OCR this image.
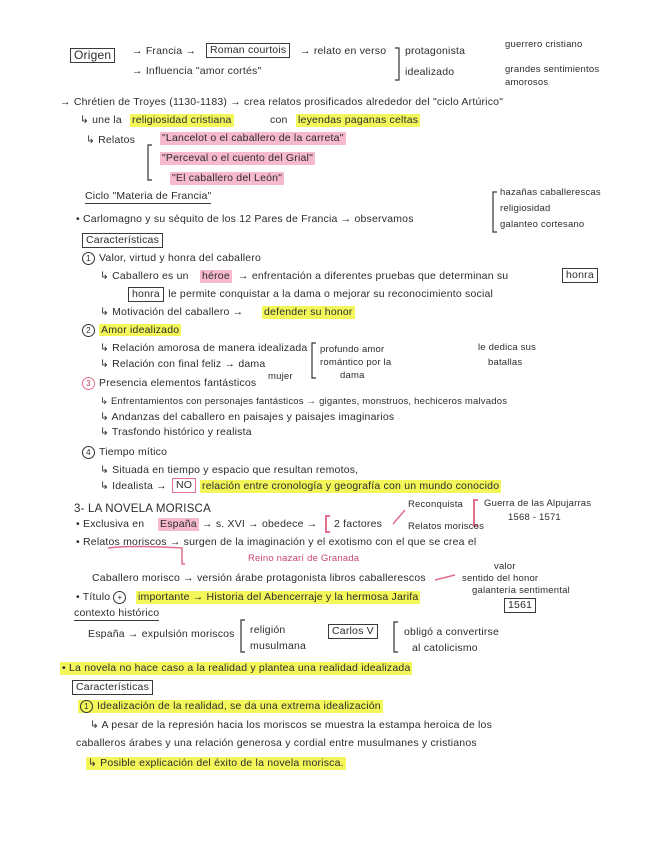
Origen	→ Francia →	Roman courtois	→ relato en verso protagonista
guerrero cristiano
→ Influencia "amor cortés"	idealizado	grandes sentimientos amorosos
→ Chrétien de Troyes (1130-1183) → crea relatos prosificados alrededor del "ciclo Artúrico"
↳ une la religiosidad cristiana	con leyendas paganas celtas
↳ Relatos	"Lancelot o el caballero de la carreta"
"Perceval o el cuento del Grial"
"El caballero del León"
Ciclo "Materia de Francia"	hazañas caballerescas
religiosidad
galanteo cortesano
• Carlomagno y su séquito de los 12 Pares de Francia → observamos
Características
1 Valor, virtud y honra del caballero
↳ Caballero es un héroe → enfrentación a diferentes pruebas que determinan su	honra
honra , le permite conquistar a la dama o mejorar su reconocimiento social
↳ Motivación del caballero → defender su honor
2 Amor idealizado
↳ Relación amorosa de manera idealizada
↳ Relación con final feliz → dama
mujer
profundo amor
romántico por la
dama
le dedica sus
batallas
3 Presencia elementos fantásticos
↳ Enfrentamientos con personajes fantásticos → gigantes, monstruos, hechiceros malvados
↳ Andanzas del caballero en paisajes y paisajes imaginarios
↳ Trasfondo histórico y realista
4 Tiempo mítico
↳ Situada en tiempo y espacio que resultan remotos,
↳ Idealista → NO relación entre cronología y geografía con un mundo conocido
3- LA NOVELA MORISCA	Reconquista
Relatos moriscos
Guerra de las Alpujarras
1568 - 1571
• Exclusiva en España → s. XVI → obedece → 2 factores
• Relatos moriscos → surgen de la imaginación y el exotismo con el que se crea el
Reino nazarí de Granada
Caballero morisco → versión árabe protagonista libros caballerescos
valor
sentido del honor
galantería sentimental
• Título +	importante → Historia del Abencerraje y la hermosa Jarifa
1561
contexto histórico
España → expulsión moriscos religión
musulmana
Carlos V	obligó a convertirse
al catolicismo
• La novela no hace caso a la realidad y plantea una realidad idealizada
Características
1 Idealización de la realidad, se da una extrema idealización
↳ A pesar de la represión hacia los moriscos se muestra la estampa heroica de los
caballeros árabes y una relación generosa y cordial entre musulmanes y cristianos
↳ Posible explicación del éxito de la novela morisca.
